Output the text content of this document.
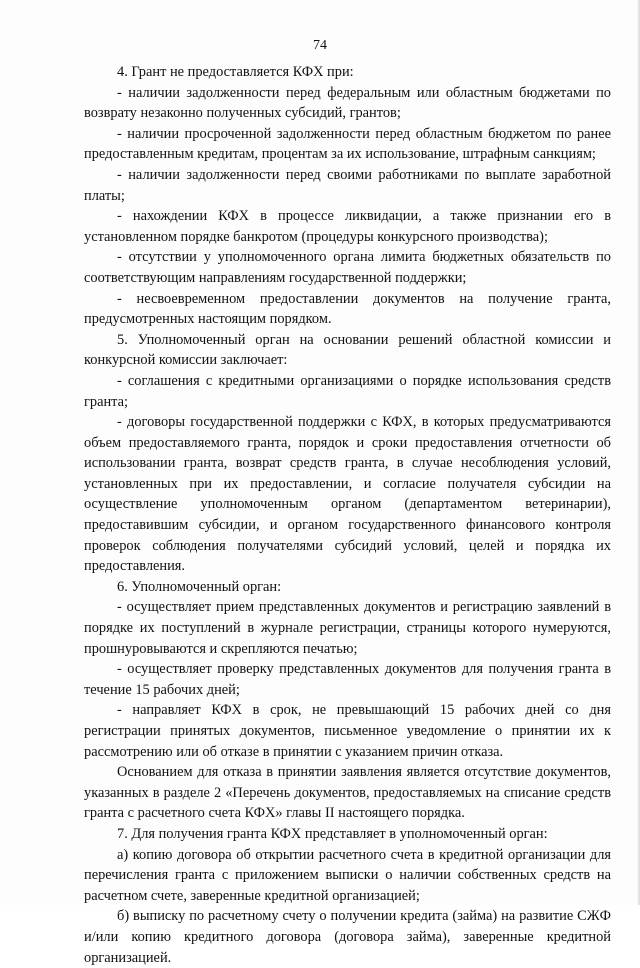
74

4. Грант не предоставляется КФХ при:

- наличии задолженности перед федеральным или областным бюджетами по возврату незаконно полученных субсидий, грантов;

- наличии просроченной задолженности перед областным бюджетом по ранее предоставленным кредитам, процентам за их использование, штрафным санкциям;

- наличии задолженности перед своими работниками по выплате заработной платы;

- нахождении КФХ в процессе ликвидации, а также признании его в установленном порядке банкротом (процедуры конкурсного производства);

- отсутствии у уполномоченного органа лимита бюджетных обязательств по соответствующим направлениям государственной поддержки;

- несвоевременном предоставлении документов на получение гранта, предусмотренных настоящим порядком.

5. Уполномоченный орган на основании решений областной комиссии и конкурсной комиссии заключает:

- соглашения с кредитными организациями о порядке использования средств гранта;

- договоры государственной поддержки с КФХ, в которых предусматриваются объем предоставляемого гранта, порядок и сроки предоставления отчетности об использовании гранта, возврат средств гранта, в случае несоблюдения условий, установленных при их предоставлении, и согласие получателя субсидии на осуществление уполномоченным органом (департаментом ветеринарии), предоставившим субсидии, и органом государственного финансового контроля проверок соблюдения получателями субсидий условий, целей и порядка их предоставления.

6. Уполномоченный орган:

- осуществляет прием представленных документов и регистрацию заявлений в порядке их поступлений в журнале регистрации, страницы которого нумеруются, прошнуровываются и скрепляются печатью;

- осуществляет проверку представленных документов для получения гранта в течение 15 рабочих дней;

- направляет КФХ в срок, не превышающий 15 рабочих дней со дня регистрации принятых документов, письменное уведомление о принятии их к рассмотрению или об отказе в принятии с указанием причин отказа.

Основанием для отказа в принятии заявления является отсутствие документов, указанных в разделе 2 «Перечень документов, предоставляемых на списание средств гранта с расчетного счета КФХ» главы II настоящего порядка.

7. Для получения гранта КФХ представляет в уполномоченный орган:

а) копию договора об открытии расчетного счета в кредитной организации для перечисления гранта с приложением выписки о наличии собственных средств на расчетном счете, заверенные кредитной организацией;

б) выписку по расчетному счету о получении кредита (займа) на развитие СЖФ и/или копию кредитного договора (договора займа), заверенные кредитной организацией.
